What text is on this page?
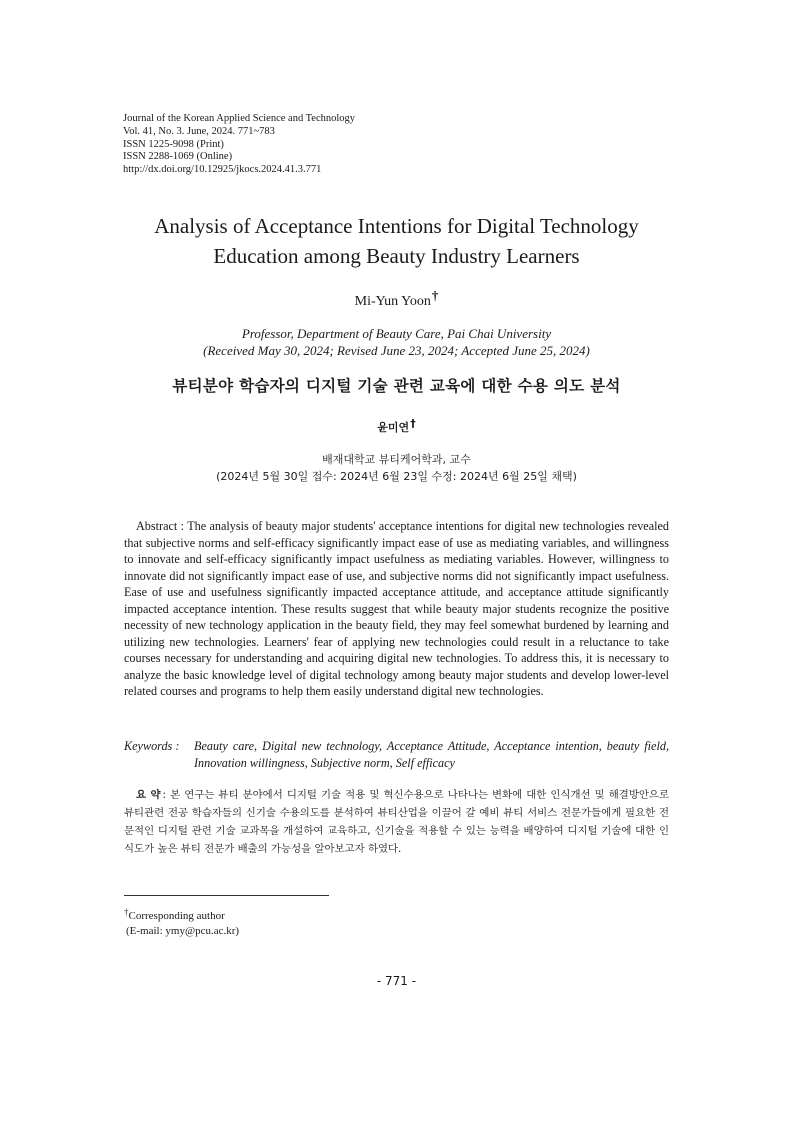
Journal of the Korean Applied Science and Technology
Vol. 41, No. 3. June, 2024. 771~783
ISSN 1225-9098 (Print)
ISSN 2288-1069 (Online)
http://dx.doi.org/10.12925/jkocs.2024.41.3.771
Analysis of Acceptance Intentions for Digital Technology
Education among Beauty Industry Learners
Mi-Yun Yoon†
Professor, Department of Beauty Care, Pai Chai University
(Received May 30, 2024; Revised June 23, 2024; Accepted June 25, 2024)
뷰티분야 학습자의 디지털 기술 관련 교육에 대한 수용 의도 분석
윤미연†
배재대학교 뷰티케어학과, 교수
(2024년 5월 30일 접수: 2024년 6월 23일 수정: 2024년 6월 25일 채택)

Abstract : The analysis of beauty major students' acceptance intentions for digital new technologies revealed that subjective norms and self-efficacy significantly impact ease of use as mediating variables, and willingness to innovate and self-efficacy significantly impact usefulness as mediating variables. However, willingness to innovate did not significantly impact ease of use, and subjective norms did not significantly impact usefulness. Ease of use and usefulness significantly impacted acceptance attitude, and acceptance attitude significantly impacted acceptance intention. These results suggest that while beauty major students recognize the positive necessity of new technology application in the beauty field, they may feel somewhat burdened by learning and utilizing new technologies. Learners' fear of applying new technologies could result in a reluctance to take courses necessary for understanding and acquiring digital new technologies. To address this, it is necessary to analyze the basic knowledge level of digital technology among beauty major students and develop lower-level related courses and programs to help them easily understand digital new technologies.

Keywords : Beauty care, Digital new technology, Acceptance Attitude, Acceptance intention, beauty field, Innovation willingness, Subjective norm, Self efficacy
요 약 : 본 연구는 뷰티 분야에서 디지털 기술 적용 및 혁신수용으로 나타나는 변화에 대한 인식개선 및 해결방안으로 뷰티관련 전공 학습자들의 신기술 수용의도를 분석하여 뷰티산업을 이끌어 갈 예비 뷰티 서비스 전문가들에게 필요한 전문적인 디지털 관련 기술 교과목을 개설하여 교육하고, 신기술을 적용할 수 있는 능력을 배양하여 디지털 기술에 대한 인식도가 높은 뷰티 전문가 배출의 가능성을 알아보고자 하였다.
†Corresponding author
(E-mail: ymy@pcu.ac.kr)
- 771 -
